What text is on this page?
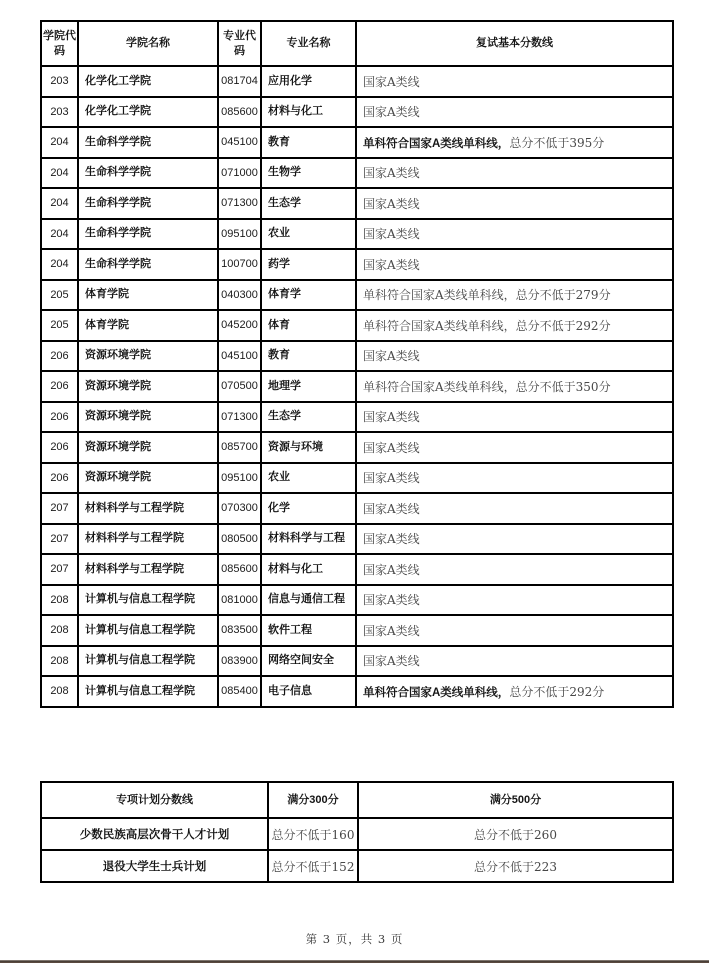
学院代码	学院名称	专业代码	专业名称	复试基本分数线
203	化学化工学院	081704	应用化学	国家A类线
203	化学化工学院	085600	材料与化工	国家A类线
204	生命科学学院	045100	教育	单科符合国家A类线单科线，总分不低于395分
204	生命科学学院	071000	生物学	国家A类线
204	生命科学学院	071300	生态学	国家A类线
204	生命科学学院	095100	农业	国家A类线
204	生命科学学院	100700	药学	国家A类线
205	体育学院	040300	体育学	单科符合国家A类线单科线，总分不低于279分
205	体育学院	045200	体育	单科符合国家A类线单科线，总分不低于292分
206	资源环境学院	045100	教育	国家A类线
206	资源环境学院	070500	地理学	单科符合国家A类线单科线，总分不低于350分
206	资源环境学院	071300	生态学	国家A类线
206	资源环境学院	085700	资源与环境	国家A类线
206	资源环境学院	095100	农业	国家A类线
207	材料科学与工程学院	070300	化学	国家A类线
207	材料科学与工程学院	080500	材料科学与工程	国家A类线
207	材料科学与工程学院	085600	材料与化工	国家A类线
208	计算机与信息工程学院	081000	信息与通信工程	国家A类线
208	计算机与信息工程学院	083500	软件工程	国家A类线
208	计算机与信息工程学院	083900	网络空间安全	国家A类线
208	计算机与信息工程学院	085400	电子信息	单科符合国家A类线单科线，总分不低于292分
专项计划分数线	满分300分	满分500分
少数民族高层次骨干人才计划	总分不低于160	总分不低于260
退役大学生士兵计划	总分不低于152	总分不低于223
第 3 页，共 3 页
